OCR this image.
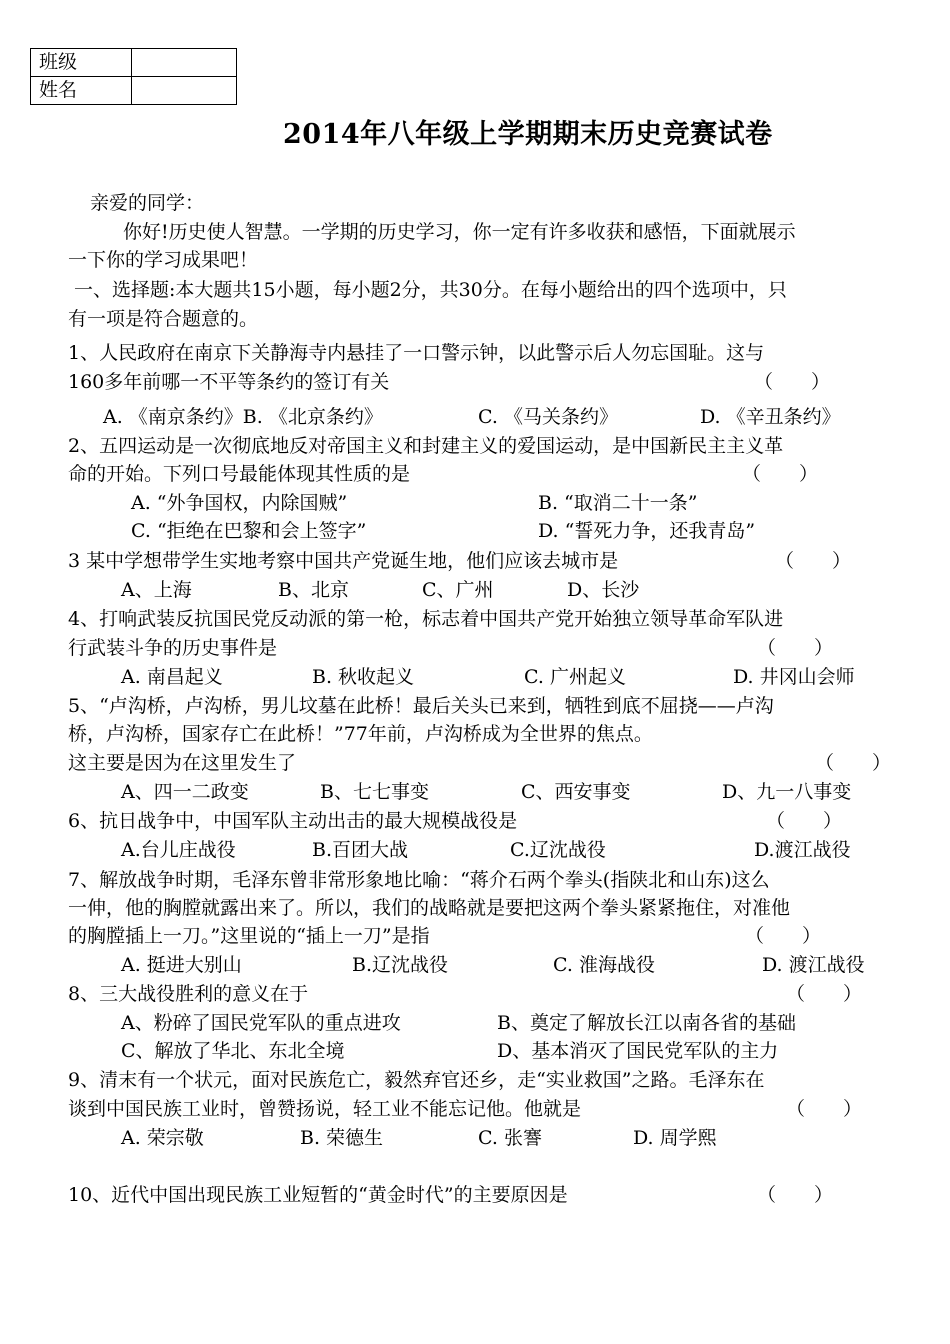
班级	
姓名	
2014年八年级上学期期末历史竞赛试卷
亲爱的同学：
你好!历史使人智慧。一学期的历史学习，你一定有许多收获和感悟，下面就展示
一下你的学习成果吧！
一、选择题:本大题共15小题，每小题2分，共30分。在每小题给出的四个选项中，只
有一项是符合题意的。
1、人民政府在南京下关静海寺内悬挂了一口警示钟，以此警示后人勿忘国耻。这与
160多年前哪一不平等条约的签订有关	（　　）
A. 《南京条约》B. 《北京条约》	C. 《马关条约》	D. 《辛丑条约》
2、五四运动是一次彻底地反对帝国主义和封建主义的爱国运动，是中国新民主主义革
命的开始。下列口号最能体现其性质的是	（　　）
A. “外争国权，内除国贼”	B. “取消二十一条”
C. “拒绝在巴黎和会上签字”	D. “誓死力争，还我青岛”
3 某中学想带学生实地考察中国共产党诞生地，他们应该去城市是	（　　）
A、上海	B、北京	C、广州	D、长沙
4、打响武装反抗国民党反动派的第一枪，标志着中国共产党开始独立领导革命军队进
行武装斗争的历史事件是	（　　）
A. 南昌起义	B. 秋收起义	C. 广州起义	D. 井冈山会师
5、“卢沟桥，卢沟桥，男儿坟墓在此桥！最后关头已来到，牺牲到底不屈挠——卢沟
桥，卢沟桥，国家存亡在此桥！”77年前，卢沟桥成为全世界的焦点。
这主要是因为在这里发生了	（　　）
A、四一二政变	B、七七事变	C、西安事变	D、九一八事变
6、抗日战争中，中国军队主动出击的最大规模战役是	（　　）
A.台儿庄战役	B.百团大战	C.辽沈战役	D.渡江战役
7、解放战争时期，毛泽东曾非常形象地比喻：“蒋介石两个拳头(指陕北和山东)这么
一伸，他的胸膛就露出来了。所以，我们的战略就是要把这两个拳头紧紧拖住，对准他
的胸膛插上一刀。”这里说的“插上一刀”是指	（　　）
A. 挺进大别山	B.辽沈战役	C. 淮海战役	D. 渡江战役
8、三大战役胜利的意义在于	（　　）
A、粉碎了国民党军队的重点进攻	B、奠定了解放长江以南各省的基础
C、解放了华北、东北全境	D、基本消灭了国民党军队的主力
9、清末有一个状元，面对民族危亡，毅然弃官还乡，走“实业救国”之路。毛泽东在
谈到中国民族工业时，曾赞扬说，轻工业不能忘记他。他就是	（　　）
A. 荣宗敬	B. 荣德生	C. 张謇	D. 周学熙
10、近代中国出现民族工业短暂的“黄金时代”的主要原因是	（　　）
